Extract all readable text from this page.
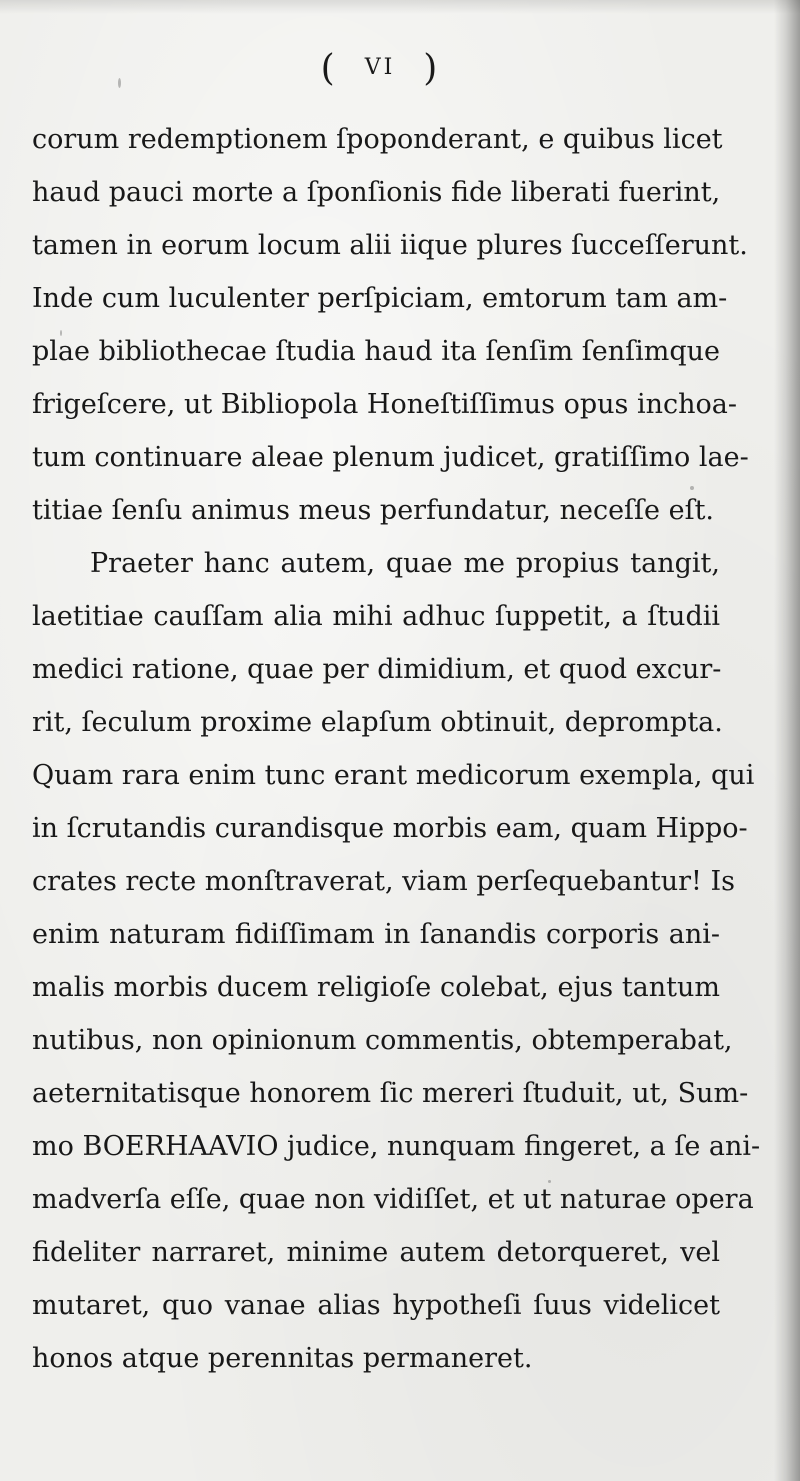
( VI )
corum redemptionem ſpoponderant, e quibus licet
haud pauci morte a ſponſionis fide liberati fuerint,
tamen in eorum locum alii iique plures ſucceſſerunt.
Inde cum luculenter perſpiciam, emtorum tam am-
plae bibliothecae ſtudia haud ita ſenſim ſenſimque
frigeſcere, ut Bibliopola Honeſtiſſimus opus inchoa-
tum continuare aleae plenum judicet, gratiſſimo lae-
titiae ſenſu animus meus perfundatur, neceſſe eſt.
Praeter hanc autem, quae me propius tangit,
laetitiae cauſſam alia mihi adhuc ſuppetit, a ſtudii
medici ratione, quae per dimidium, et quod excur-
rit, ſeculum proxime elapſum obtinuit, deprompta.
Quam rara enim tunc erant medicorum exempla, qui
in ſcrutandis curandisque morbis eam, quam Hippo-
crates recte monſtraverat, viam perſequebantur! Is
enim naturam fidiſſimam in ſanandis corporis ani-
malis morbis ducem religioſe colebat, ejus tantum
nutibus, non opinionum commentis, obtemperabat,
aeternitatisque honorem ſic mereri ſtuduit, ut, Sum-
mo BOERHAAVIO judice, nunquam fingeret, a ſe ani-
madverſa eſſe, quae non vidiſſet, et ut naturae opera
fideliter narraret, minime autem detorqueret, vel
mutaret, quo vanae alias hypotheſi ſuus videlicet
honos atque perennitas permaneret.
